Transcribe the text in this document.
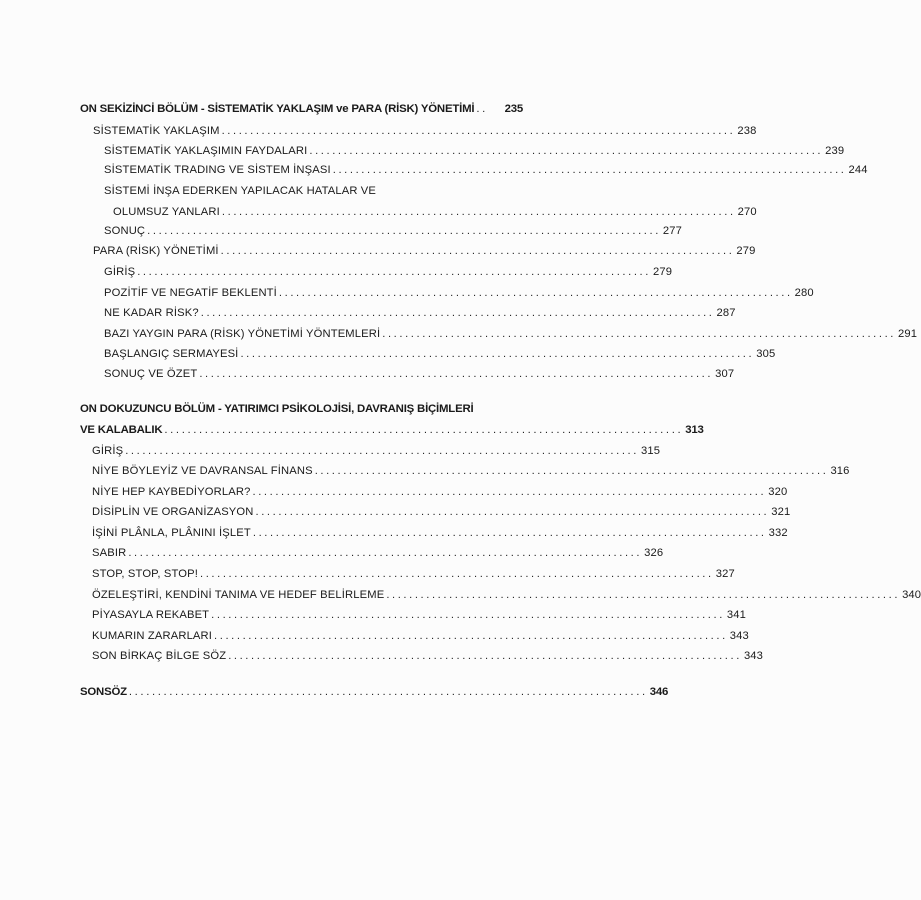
ON SEKİZİNCİ BÖLÜM - SİSTEMATİK YAKLAŞIM ve PARA (RİSK) YÖNETİMİ ..	235
SİSTEMATİK YAKLAŞIM .......................................................................................... 238
SİSTEMATİK YAKLAŞIMIN FAYDALARI .......................................................................................... 239
SİSTEMATİK TRADING VE SİSTEM İNŞASI .......................................................................................... 244
SİSTEMİ İNŞA EDERKEN YAPILACAK HATALAR VE
OLUMSUZ YANLARI .......................................................................................... 270
SONUÇ .......................................................................................... 277
PARA (RİSK) YÖNETİMİ .......................................................................................... 279
GİRİŞ .......................................................................................... 279
POZİTİF VE NEGATİF BEKLENTİ .......................................................................................... 280
NE KADAR RİSK? .......................................................................................... 287
BAZI YAYGIN PARA (RİSK) YÖNETİMİ YÖNTEMLERİ .......................................................................................... 291
BAŞLANGIÇ SERMAYESİ .......................................................................................... 305
SONUÇ VE ÖZET .......................................................................................... 307
ON DOKUZUNCU BÖLÜM - YATIRIMCI PSİKOLOJİSİ, DAVRANIŞ BİÇİMLERİ
VE KALABALIK .......................................................................................... 313
GİRİŞ .......................................................................................... 315
NİYE BÖYLEYİZ VE DAVRANSAL FİNANS .......................................................................................... 316
NİYE HEP KAYBEDİYORLAR? .......................................................................................... 320
DİSİPLİN VE ORGANİZASYON .......................................................................................... 321
İŞİNİ PLÂNLA, PLÂNINI İŞLET .......................................................................................... 332
SABIR .......................................................................................... 326
STOP, STOP, STOP! .......................................................................................... 327
ÖZELEŞTİRİ, KENDİNİ TANIMA VE HEDEF BELİRLEME .......................................................................................... 340
PİYASAYLA REKABET .......................................................................................... 341
KUMARIN ZARARLARI .......................................................................................... 343
SON BİRKAÇ BİLGE SÖZ .......................................................................................... 343
SONSÖZ .......................................................................................... 346
